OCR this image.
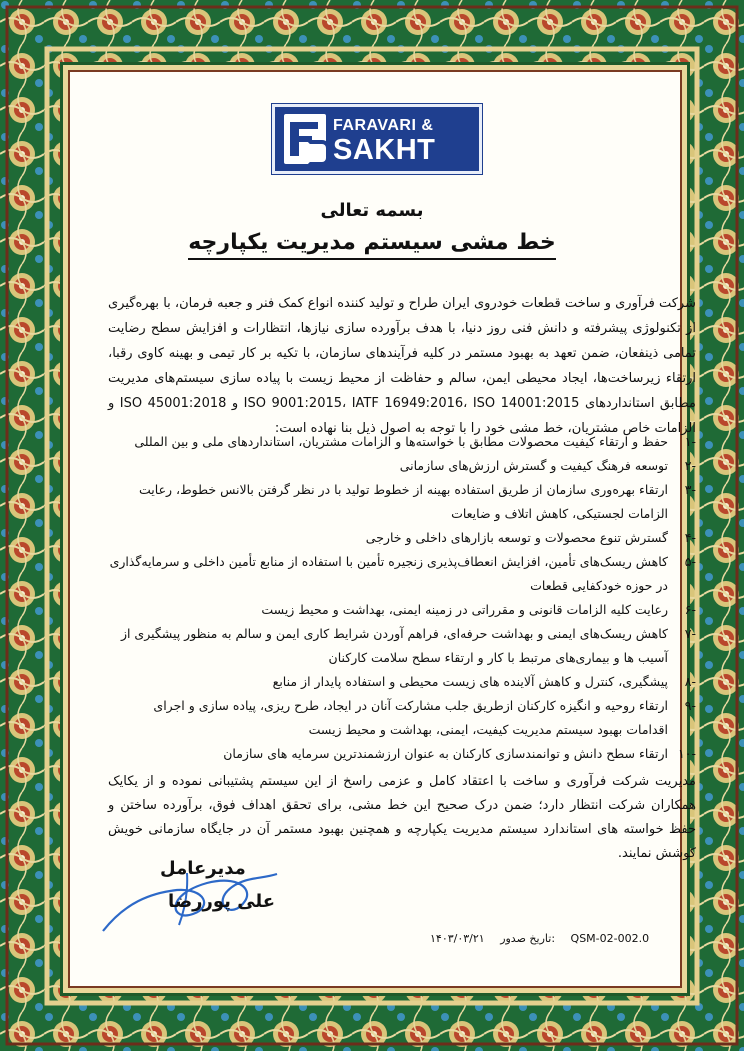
FARAVARI &
SAKHT
بسمه تعالی
خط مشی سیستم مدیریت یکپارچه
شرکت فرآوری و ساخت قطعات خودروی ایران طراح و تولید کننده انواع کمک فنر و جعبه فرمان، با بهره‌گیری از تکنولوژی پیشرفته و دانش فنی روز دنیا، با هدف برآورده سازی نیازها، انتظارات و افزایش سطح رضایت تمامی ذینفعان، ضمن تعهد به بهبود مستمر در کلیه فرآیندهای سازمان، با تکیه بر کار تیمی و بهینه کاوی رقبا، ارتقاء زیرساخت‌ها، ایجاد محیطی ایمن، سالم و حفاظت از محیط زیست با پیاده سازی سیستم‌های مدیریت مطابق استانداردهای ISO 9001:2015، IATF 16949:2016، ISO 14001:2015 و ISO 45001:2018 و الزامات خاص مشتریان، خط مشی خود را با توجه به اصول ذیل بنا نهاده است:
-۱
حفظ و ارتقاء کیفیت محصولات مطابق با خواسته‌ها و الزامات مشتریان، استانداردهای ملی و بین المللی
-۲
توسعه فرهنگ کیفیت و گسترش ارزش‌های سازمانی
-۳
ارتقاء بهره‌وری سازمان از طریق استفاده بهینه از خطوط تولید با در نظر گرفتن بالانس خطوط، رعایت الزامات لجستیکی، کاهش اتلاف و ضایعات
-۴
گسترش تنوع محصولات و توسعه بازارهای داخلی و خارجی
-۵
کاهش ریسک‌های تأمین، افزایش انعطاف‌پذیری زنجیره تأمین با استفاده از منابع تأمین داخلی و سرمایه‌گذاری در حوزه خودکفایی قطعات
-۶
رعایت کلیه الزامات قانونی و مقرراتی در زمینه ایمنی، بهداشت و محیط زیست
-۷
کاهش ریسک‌های ایمنی و بهداشت حرفه‌ای، فراهم آوردن شرایط کاری ایمن و سالم به منظور پیشگیری از آسیب ها و بیماری‌های مرتبط با کار و ارتقاء سطح سلامت کارکنان
-۸
پیشگیری، کنترل و کاهش آلاینده های زیست محیطی و استفاده پایدار از منابع
-۹
ارتقاء روحیه و انگیزه کارکنان ازطریق جلب مشارکت آنان در ایجاد، طرح ریزی، پیاده سازی و اجرای اقدامات بهبود سیستم مدیریت کیفیت، ایمنی، بهداشت و محیط زیست
-۱۰
ارتقاء سطح دانش و توانمندسازی کارکنان به عنوان ارزشمندترین سرمایه های سازمان
مدیریت شرکت فرآوری و ساخت با اعتقاد کامل و عزمی راسخ از این سیستم پشتیبانی نموده و از یکایک همکاران شرکت انتظار دارد؛ ضمن درک صحیح این خط مشی، برای تحقق اهداف فوق، برآورده ساختن و حفظ خواسته های استاندارد سیستم مدیریت یکپارچه و همچنین بهبود مستمر آن در جایگاه سازمانی خویش کوشش نمایند.
مدیرعامل
علی پوررضا
۱۴۰۳/۰۳/۲۱ تاریخ صدور: QSM-02-002.0
